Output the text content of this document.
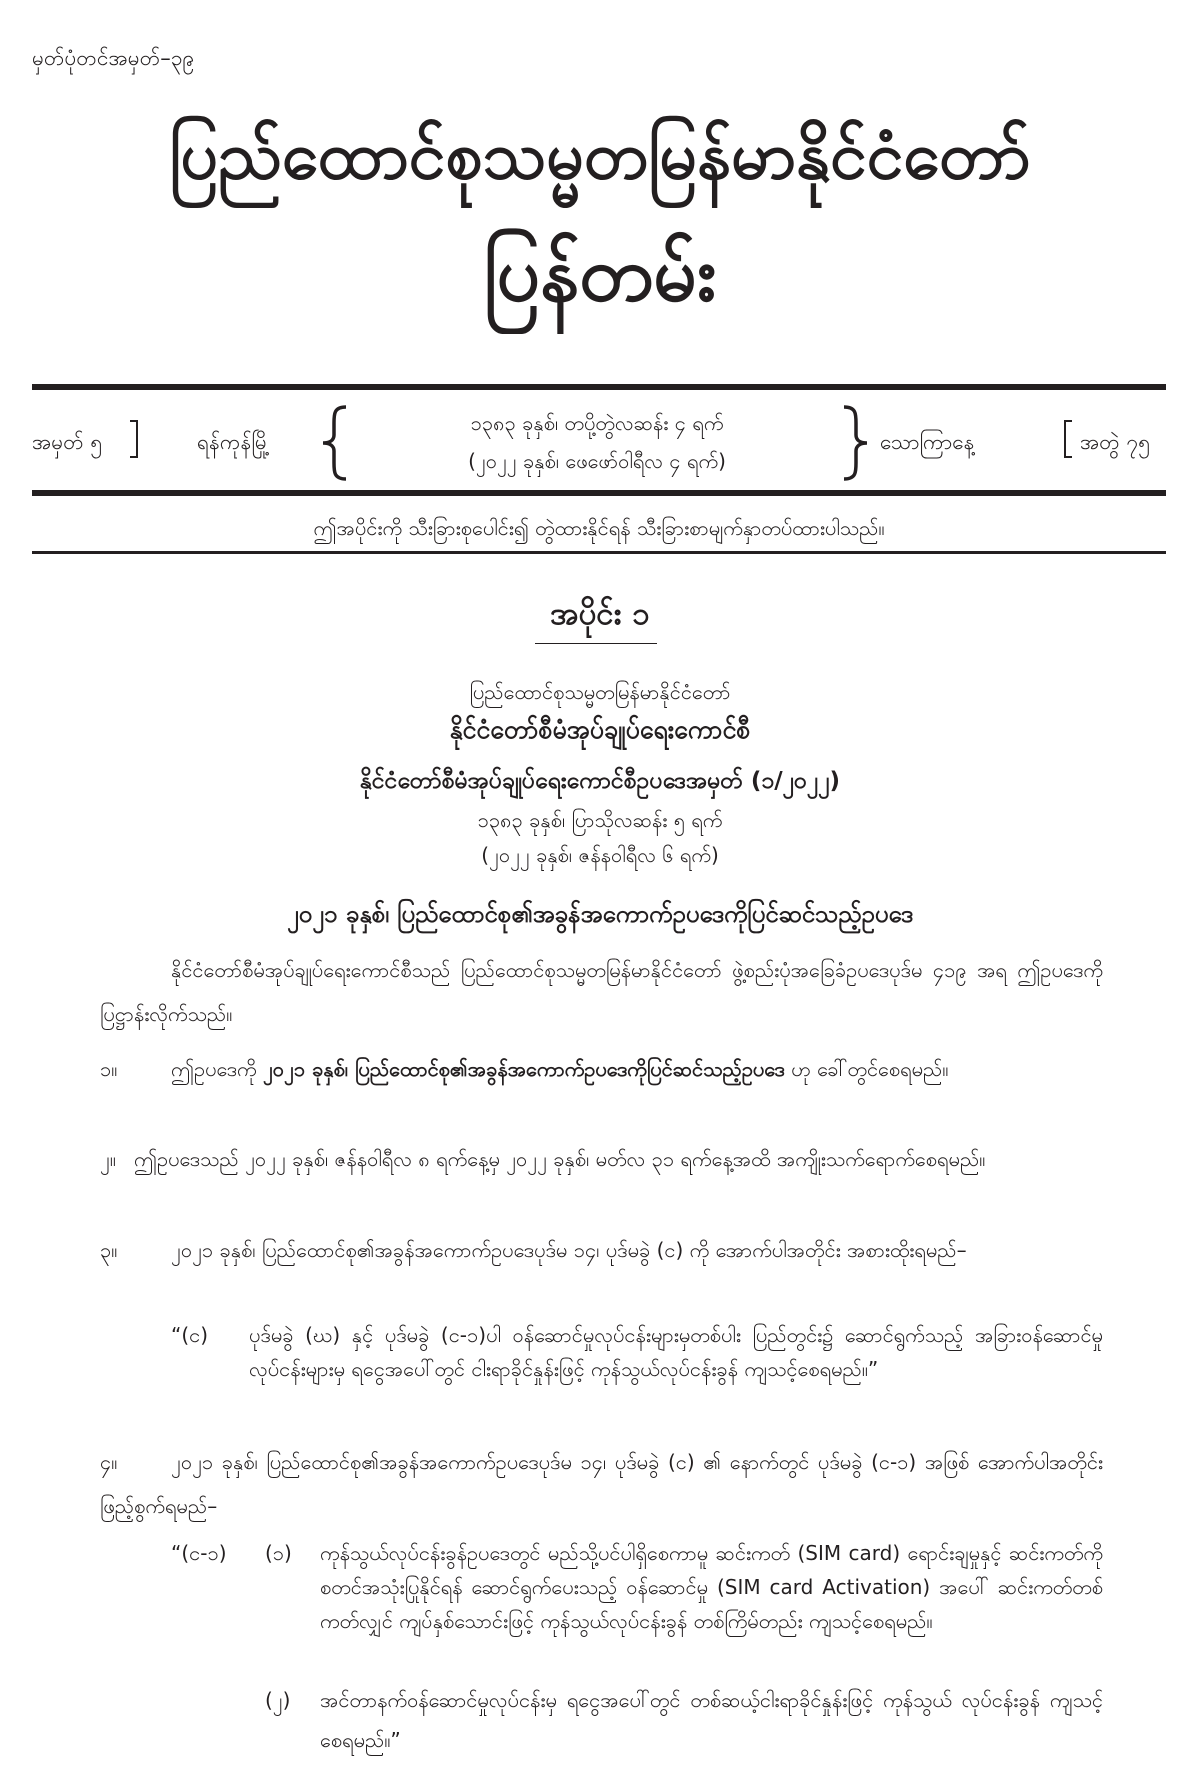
မှတ်ပုံတင်အမှတ်–၃၉
ပြည်ထောင်စုသမ္မတမြန်မာနိုင်ငံတော်
ပြန်တမ်း
အမှတ် ၅	ရန်ကုန်မြို့
၁၃၈၃ ခုနှစ်၊ တပို့တွဲလဆန်း ၄ ရက်
(၂၀၂၂ ခုနှစ်၊ ဖေဖော်ဝါရီလ ၄ ရက်)
သောကြာနေ့	အတွဲ ၇၅
ဤအပိုင်းကို သီးခြားစုပေါင်း၍ တွဲထားနိုင်ရန် သီးခြားစာမျက်နှာတပ်ထားပါသည်။
အပိုင်း ၁
ပြည်ထောင်စုသမ္မတမြန်မာနိုင်ငံတော်
နိုင်ငံတော်စီမံအုပ်ချုပ်ရေးကောင်စီ
နိုင်ငံတော်စီမံအုပ်ချုပ်ရေးကောင်စီဥပဒေအမှတ် (၁/၂၀၂၂)
၁၃၈၃ ခုနှစ်၊ ပြာသိုလဆန်း ၅ ရက်
(၂၀၂၂ ခုနှစ်၊ ဇန်နဝါရီလ ၆ ရက်)
၂၀၂၁ ခုနှစ်၊ ပြည်ထောင်စု၏အခွန်အကောက်ဥပဒေကိုပြင်ဆင်သည့်ဥပဒေ
နိုင်ငံတော်စီမံအုပ်ချုပ်ရေးကောင်စီသည် ပြည်ထောင်စုသမ္မတမြန်မာနိုင်ငံတော် ဖွဲ့စည်းပုံအခြေခံဥပဒေပုဒ်မ ၄၁၉ အရ ဤဥပဒေကို ပြဋ္ဌာန်းလိုက်သည်။
၁။	ဤဥပဒေကို ၂၀၂၁ ခုနှစ်၊ ပြည်ထောင်စု၏အခွန်အကောက်ဥပဒေကိုပြင်ဆင်သည့်ဥပဒေ ဟု ခေါ်တွင်စေရမည်။
၂။ ဤဥပဒေသည် ၂၀၂၂ ခုနှစ်၊ ဇန်နဝါရီလ ၈ ရက်နေ့မှ ၂၀၂၂ ခုနှစ်၊ မတ်လ ၃၁ ရက်နေ့အထိ အကျိုးသက်ရောက်စေရမည်။
၃။	၂၀၂၁ ခုနှစ်၊ ပြည်ထောင်စု၏အခွန်အကောက်ဥပဒေပုဒ်မ ၁၄၊ ပုဒ်မခွဲ (င) ကို အောက်ပါအတိုင်း အစားထိုးရမည်–
“(င)	ပုဒ်မခွဲ (ဃ) နှင့် ပုဒ်မခွဲ (င-၁)ပါ ဝန်ဆောင်မှုလုပ်ငန်းများမှတစ်ပါး ပြည်တွင်း၌ ဆောင်ရွက်သည့် အခြားဝန်ဆောင်မှုလုပ်ငန်းများမှ ရငွေအပေါ်တွင် ငါးရာခိုင်နှုန်းဖြင့် ကုန်သွယ်လုပ်ငန်းခွန် ကျသင့်စေရမည်။”
၄။	၂၀၂၁ ခုနှစ်၊ ပြည်ထောင်စု၏အခွန်အကောက်ဥပဒေပုဒ်မ ၁၄၊ ပုဒ်မခွဲ (င) ၏ နောက်တွင် ပုဒ်မခွဲ (င-၁) အဖြစ် အောက်ပါအတိုင်း ဖြည့်စွက်ရမည်–
“(င-၁)	(၁)	ကုန်သွယ်လုပ်ငန်းခွန်ဥပဒေတွင် မည်သို့ပင်ပါရှိစေကာမူ ဆင်းကတ် (SIM card) ရောင်းချမှုနှင့် ဆင်းကတ်ကို စတင်အသုံးပြုနိုင်ရန် ဆောင်ရွက်ပေးသည့် ဝန်ဆောင်မှု (SIM card Activation) အပေါ် ဆင်းကတ်တစ်ကတ်လျှင် ကျပ်နှစ်သောင်းဖြင့် ကုန်သွယ်လုပ်ငန်းခွန် တစ်ကြိမ်တည်း ကျသင့်စေရမည်။
(၂)	အင်တာနက်ဝန်ဆောင်မှုလုပ်ငန်းမှ ရငွေအပေါ်တွင် တစ်ဆယ့်ငါးရာခိုင်နှုန်းဖြင့် ကုန်သွယ် လုပ်ငန်းခွန် ကျသင့်စေရမည်။”
